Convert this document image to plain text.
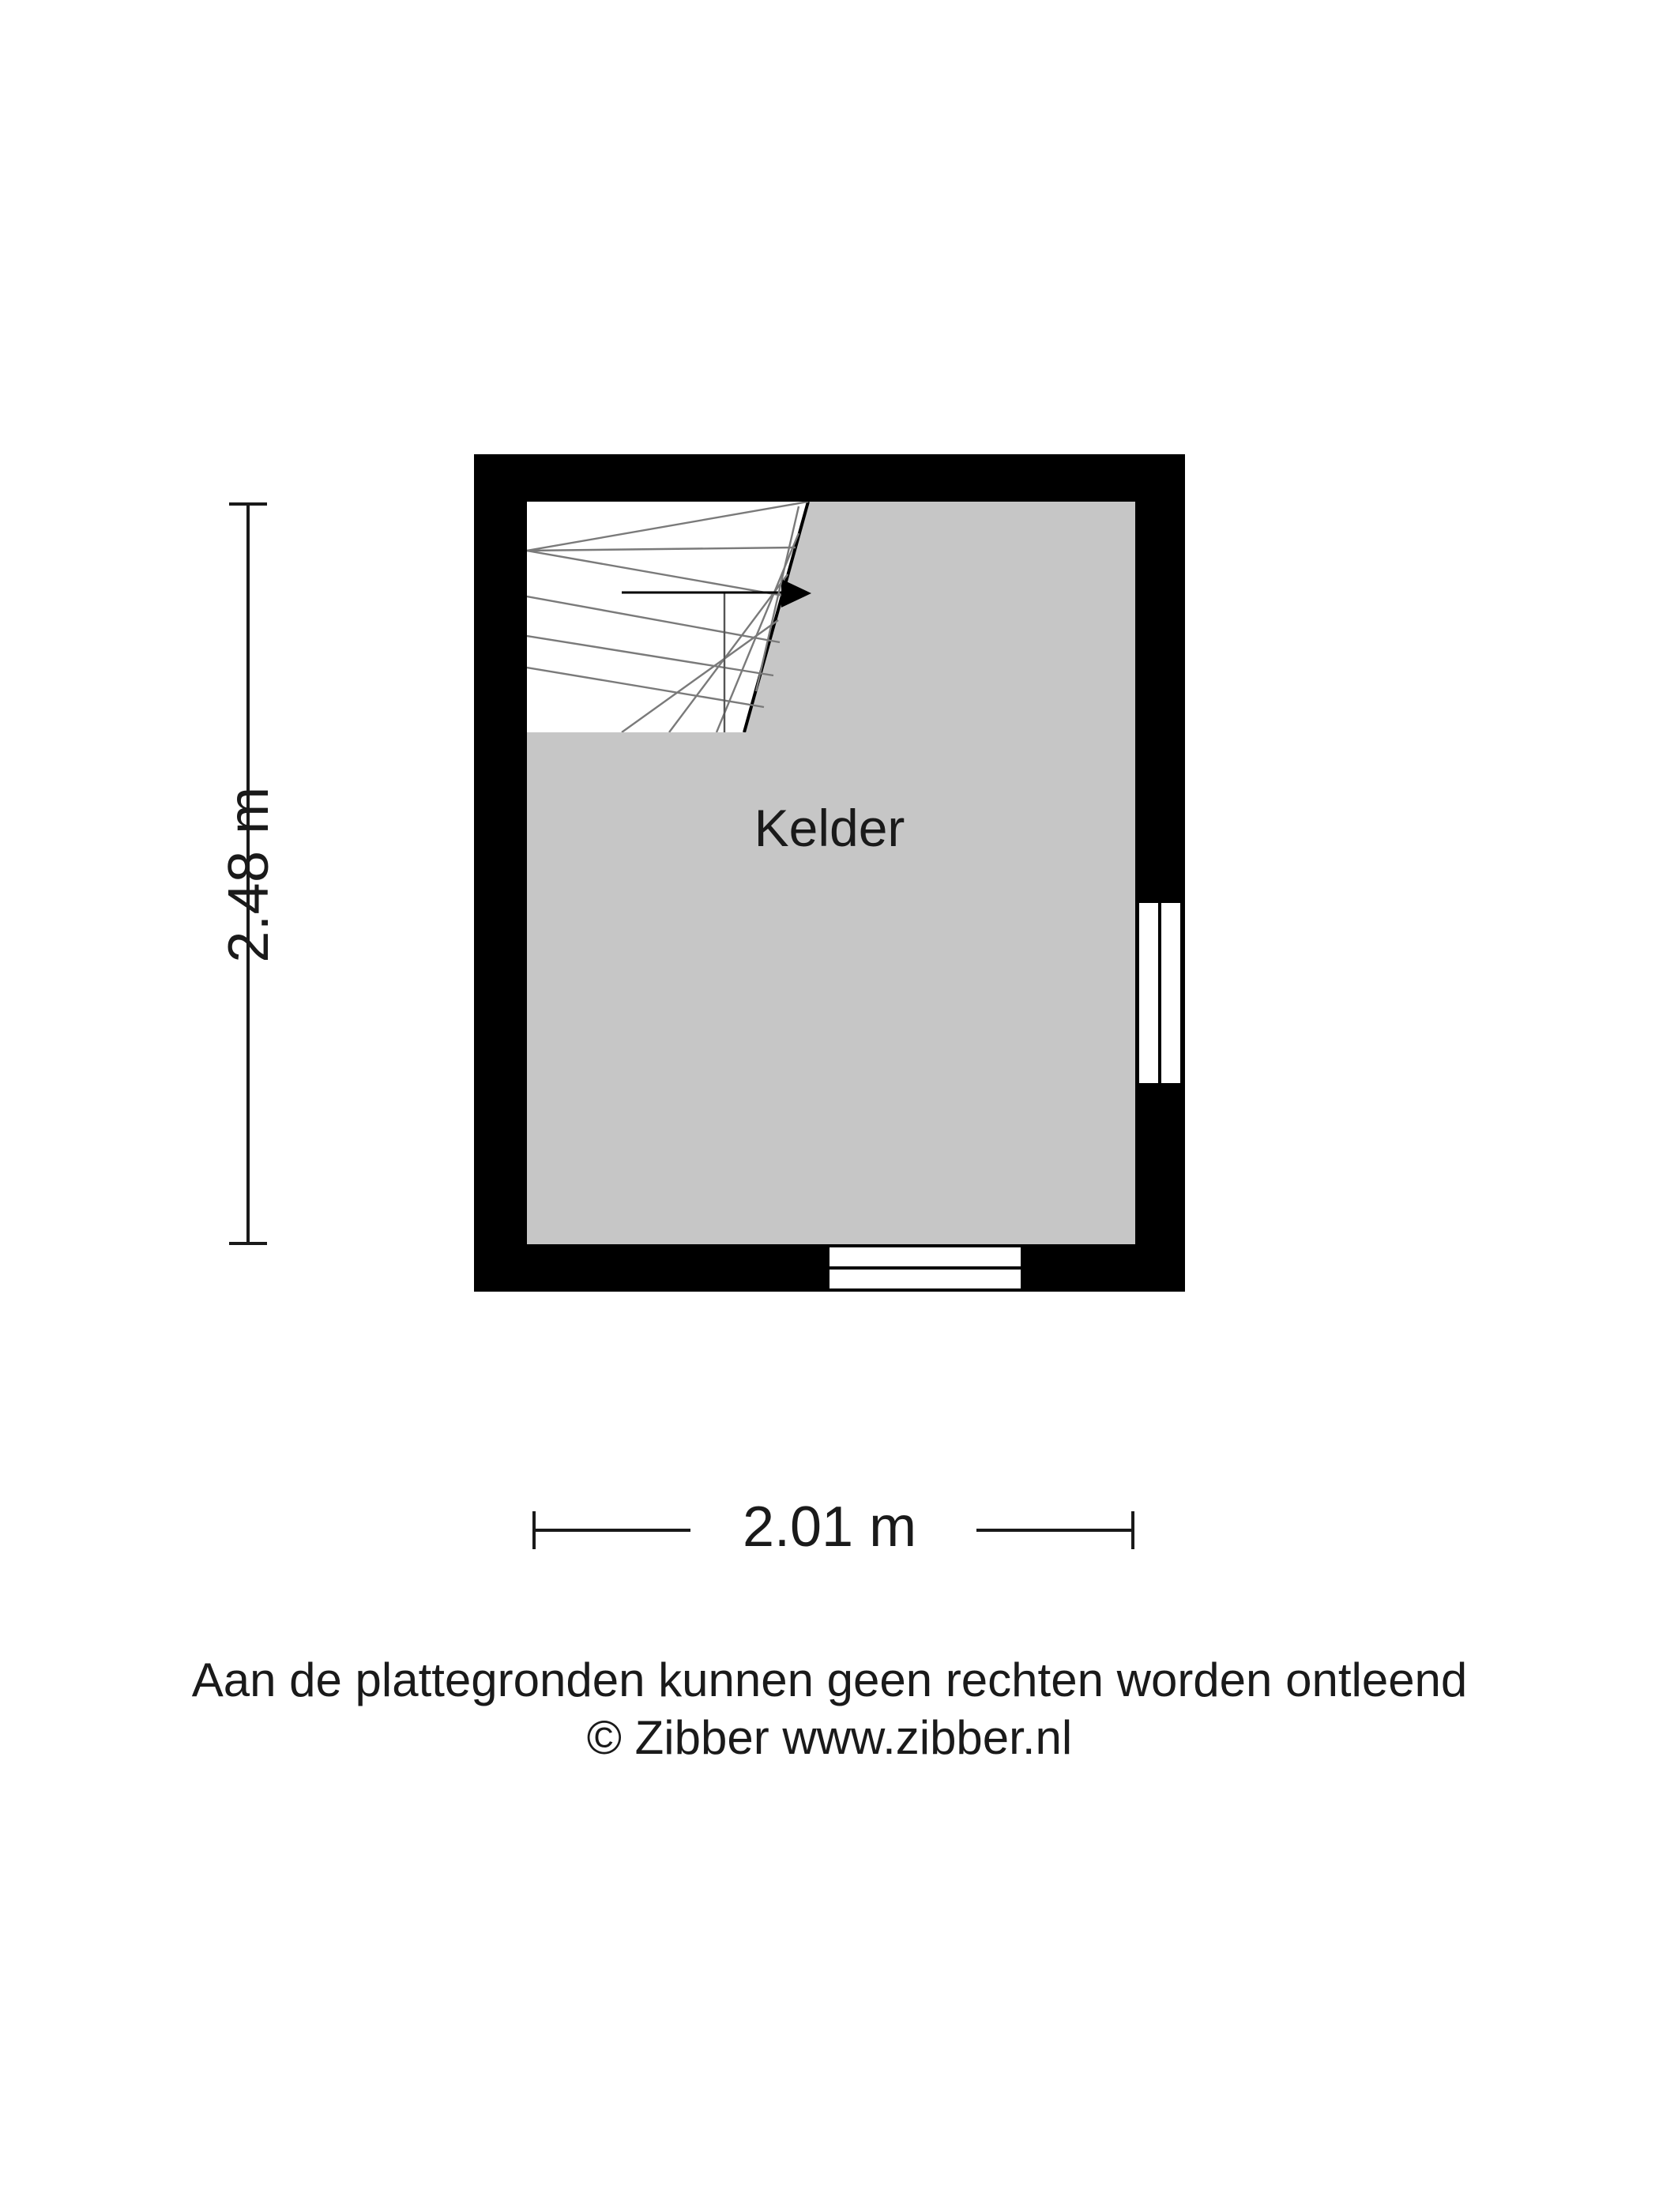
2.48 m	Kelder
2.01 m
Aan de plattegronden kunnen geen rechten worden ontleend
© Zibber www.zibber.nl
